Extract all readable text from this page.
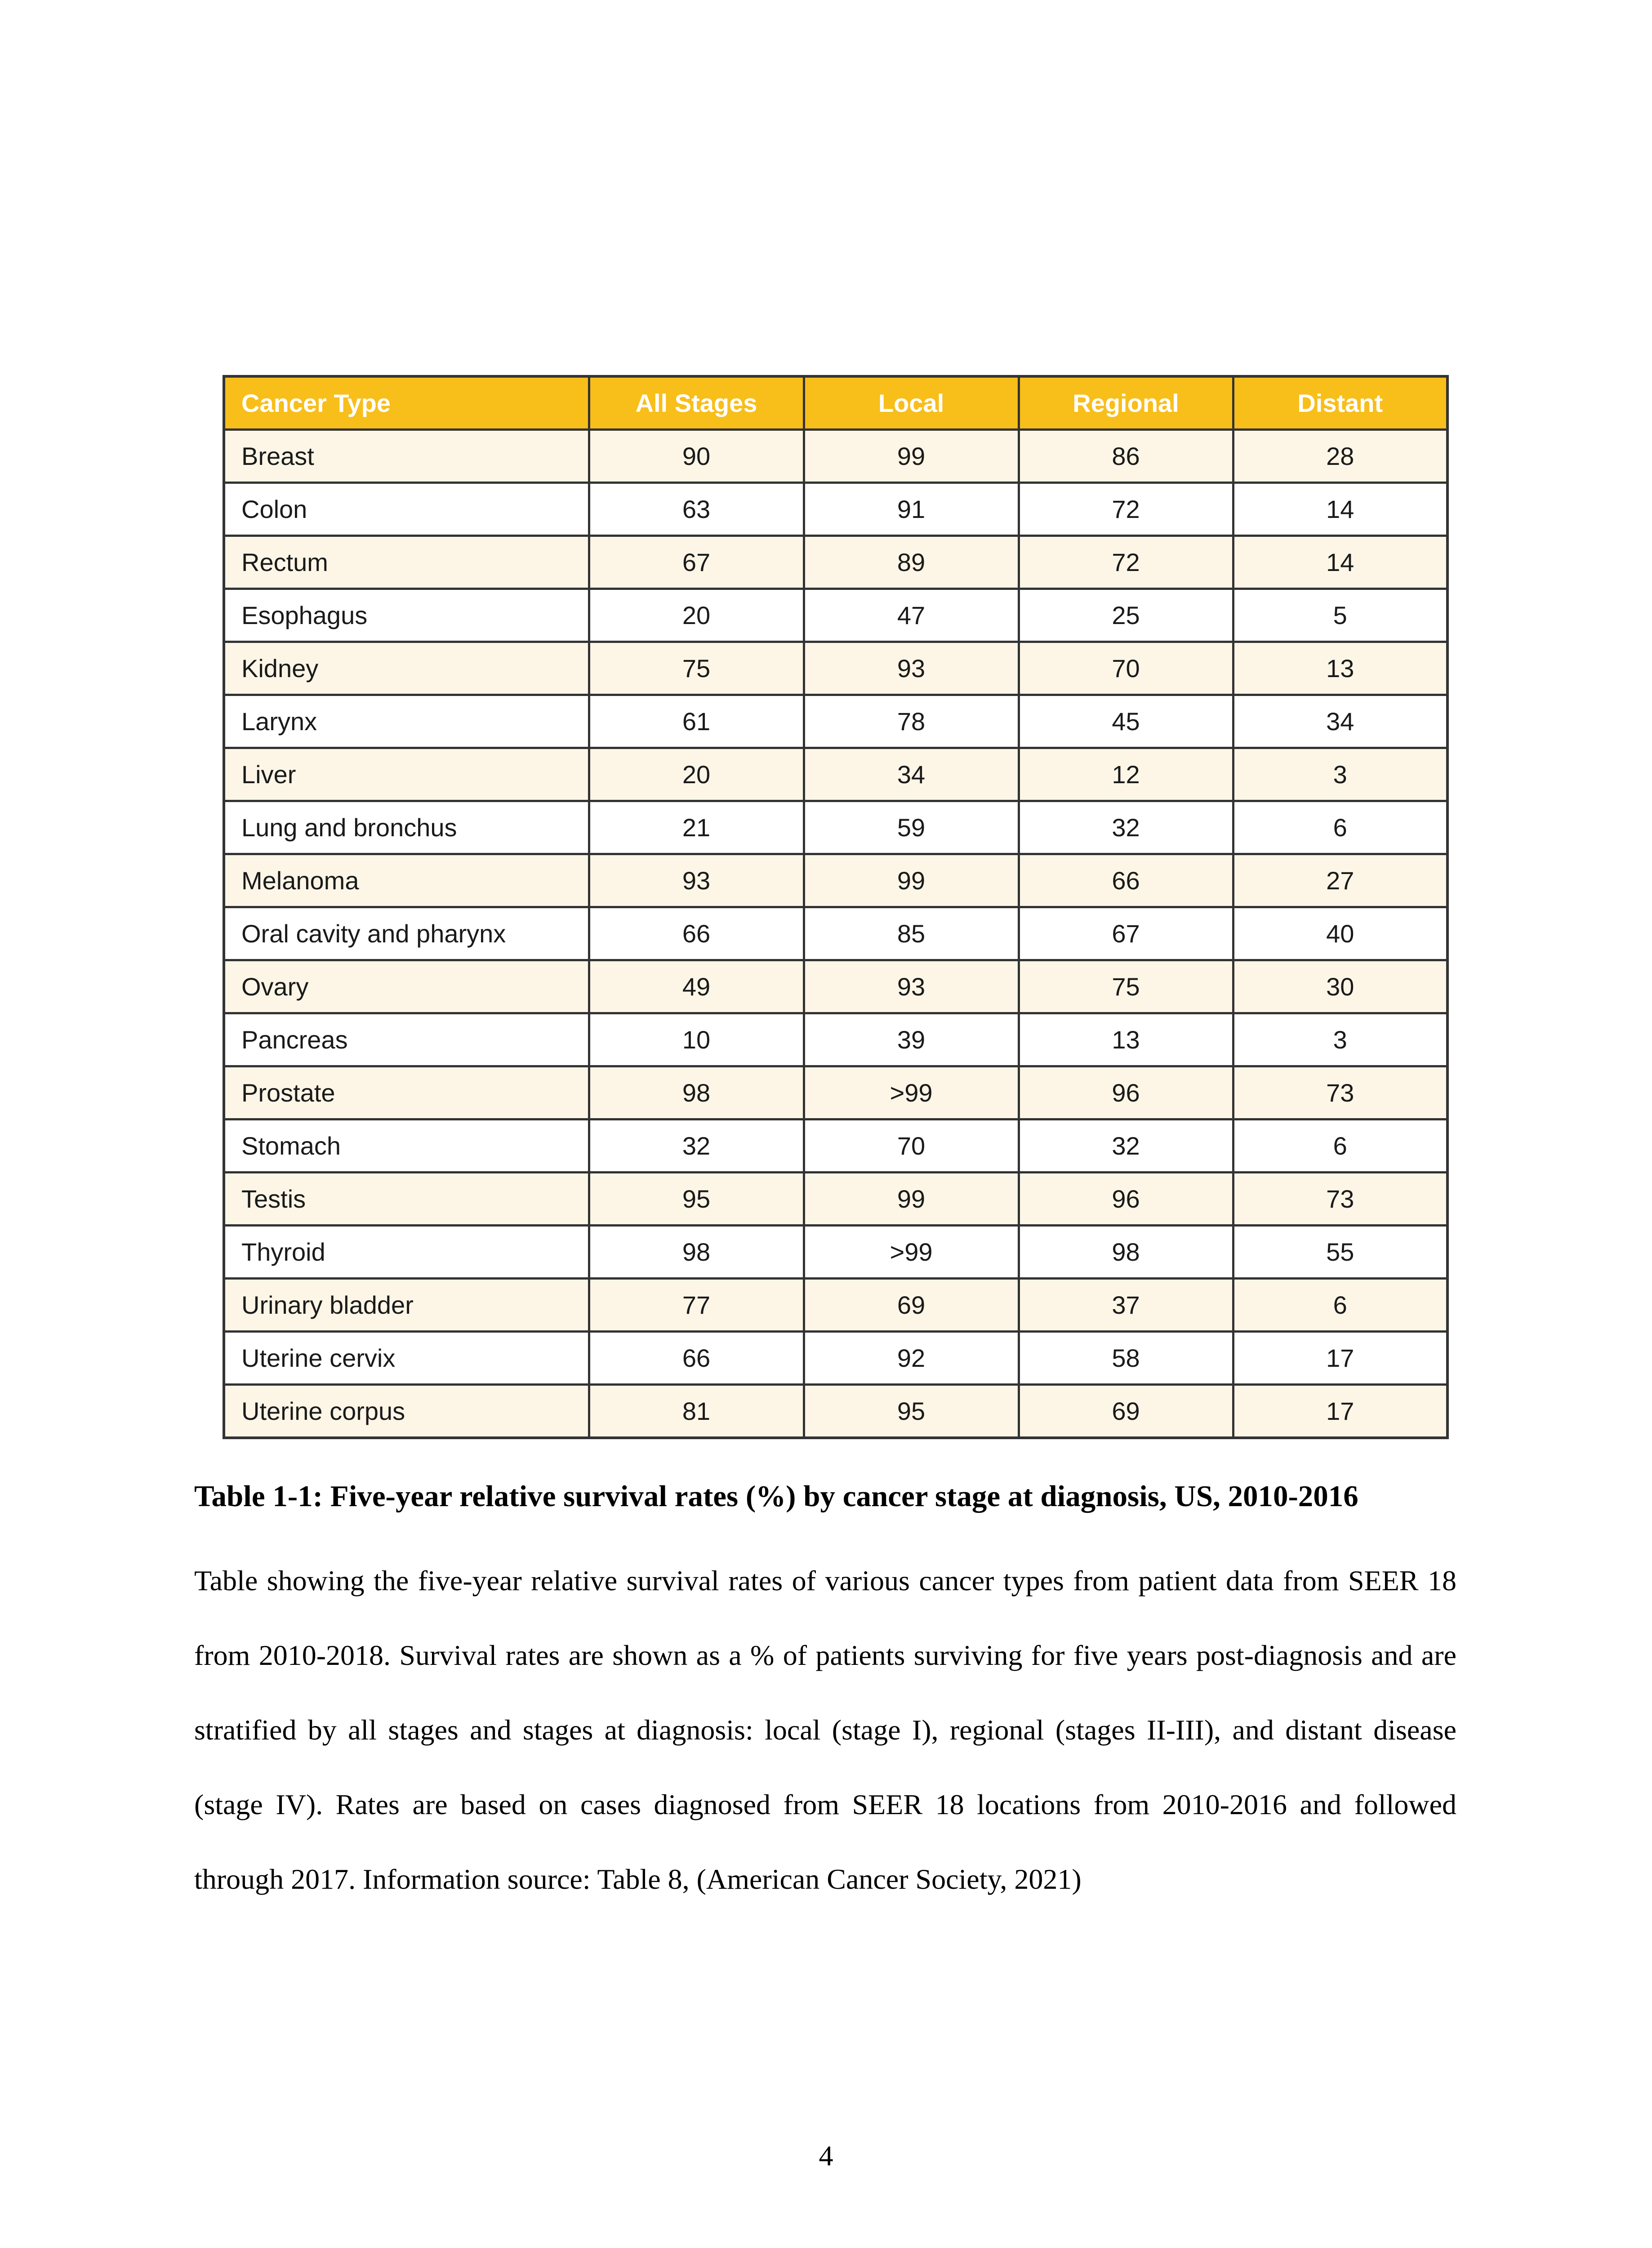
Cancer Type	All Stages	Local	Regional	Distant
Breast	90	99	86	28
Colon	63	91	72	14
Rectum	67	89	72	14
Esophagus	20	47	25	5
Kidney	75	93	70	13
Larynx	61	78	45	34
Liver	20	34	12	3
Lung and bronchus	21	59	32	6
Melanoma	93	99	66	27
Oral cavity and pharynx	66	85	67	40
Ovary	49	93	75	30
Pancreas	10	39	13	3
Prostate	98	>99	96	73
Stomach	32	70	32	6
Testis	95	99	96	73
Thyroid	98	>99	98	55
Urinary bladder	77	69	37	6
Uterine cervix	66	92	58	17
Uterine corpus	81	95	69	17
Table 1-1: Five-year relative survival rates (%) by cancer stage at diagnosis, US, 2010-2016
Table showing the five-year relative survival rates of various cancer types from patient data from SEER 18 from 2010-2018. Survival rates are shown as a % of patients surviving for five years post-diagnosis and are stratified by all stages and stages at diagnosis: local (stage I), regional (stages II-III), and distant disease (stage IV). Rates are based on cases diagnosed from SEER 18 locations from 2010-2016 and followed through 2017. Information source: Table 8, (American Cancer Society, 2021)
4
